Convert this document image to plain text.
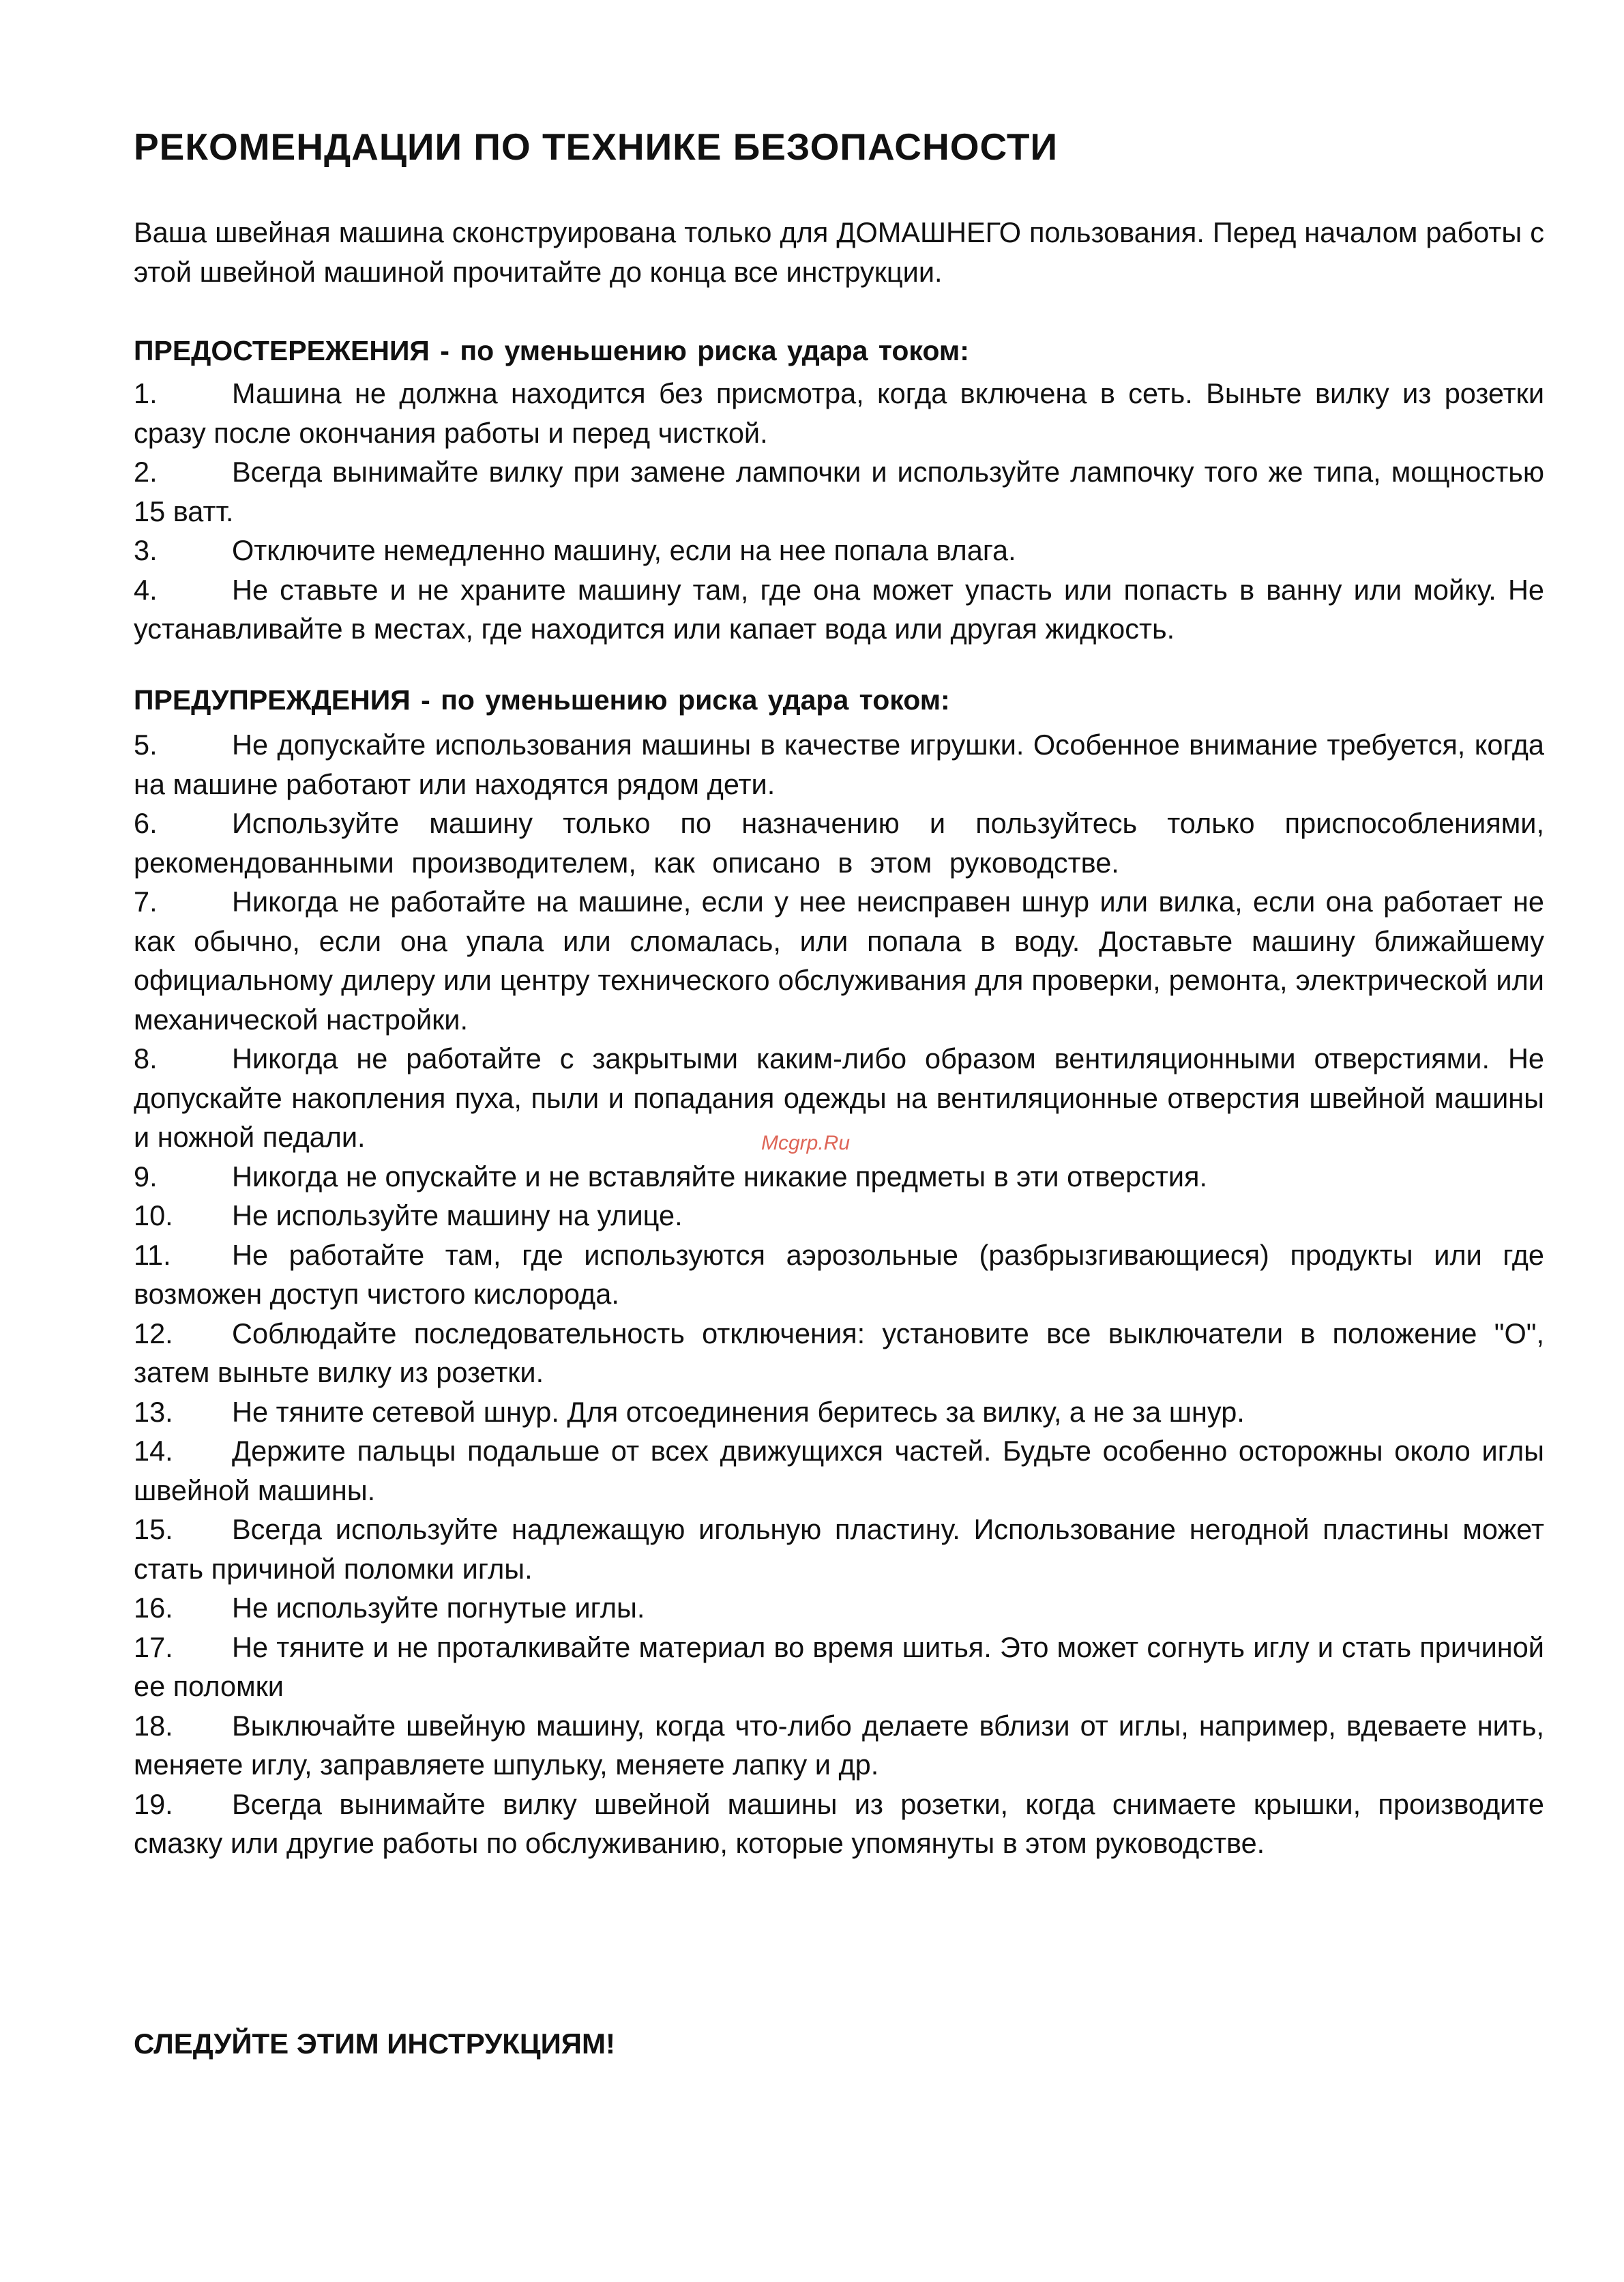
РЕКОМЕНДАЦИИ ПО ТЕХНИКЕ БЕЗОПАСНОСТИ

Ваша швейная машина сконструирована только для ДОМАШНЕГО пользования. Перед началом работы с этой швейной машиной прочитайте до конца все инструкции.

ПРЕДОСТЕРЕЖЕНИЯ - по уменьшению риска удара током:
1.	Машина не должна находится без присмотра, когда включена в сеть. Выньте вилку из розетки сразу после окончания работы и перед чисткой.
2.	Всегда вынимайте вилку при замене лампочки и используйте лампочку того же типа, мощностью 15 ватт.
3.	Отключите немедленно машину, если на нее попала влага.
4.	Не ставьте и не храните машину там, где она может упасть или попасть в ванну или мойку. Не устанавливайте в местах, где находится или капает вода или другая жидкость.
ПРЕДУПРЕЖДЕНИЯ - по уменьшению риска удара током:
5.	Не допускайте использования машины в качестве игрушки. Особенное внимание требуется, когда на машине работают или находятся рядом дети.
6.	Используйте машину только по назначению и пользуйтесь только приспособлениями, рекомендованными производителем, как описано в этом руководстве.
7.	Никогда не работайте на машине, если у нее неисправен шнур или вилка, если она работает не как обычно, если она упала или сломалась, или попала в воду. Доставьте машину ближайшему официальному дилеру или центру технического обслуживания для проверки, ремонта, электрической или механической настройки.
8.	Никогда не работайте с закрытыми каким-либо образом вентиляционными отверстиями. Не допускайте накопления пуха, пыли и попадания одежды на вентиляционные отверстия швейной машины и ножной педали.
9.	Никогда не опускайте и не вставляйте никакие предметы в эти отверстия.
10. Не используйте машину на улице.
11. Не работайте там, где используются аэрозольные (разбрызгивающиеся) продукты или где возможен доступ чистого кислорода.
12. Соблюдайте последовательность отключения: установите все выключатели в положение "О", затем выньте вилку из розетки.
13. Не тяните сетевой шнур. Для отсоединения беритесь за вилку, а не за шнур.
14. Держите пальцы подальше от всех движущихся частей. Будьте особенно осторожны около иглы швейной машины.
15. Всегда используйте надлежащую игольную пластину. Использование негодной пластины может стать причиной поломки иглы.
16. Не используйте погнутые иглы.
17. Не тяните и не проталкивайте материал во время шитья. Это может согнуть иглу и стать причиной ее поломки
18. Выключайте швейную машину, когда что-либо делаете вблизи от иглы, например, вдеваете нить, меняете иглу, заправляете шпульку, меняете лапку и др.
19. Всегда вынимайте вилку швейной машины из розетки, когда снимаете крышки, производите смазку или другие работы по обслуживанию, которые упомянуты в этом руководстве.
СЛЕДУЙТЕ ЭТИМ ИНСТРУКЦИЯМ!
Mcgrp.Ru
